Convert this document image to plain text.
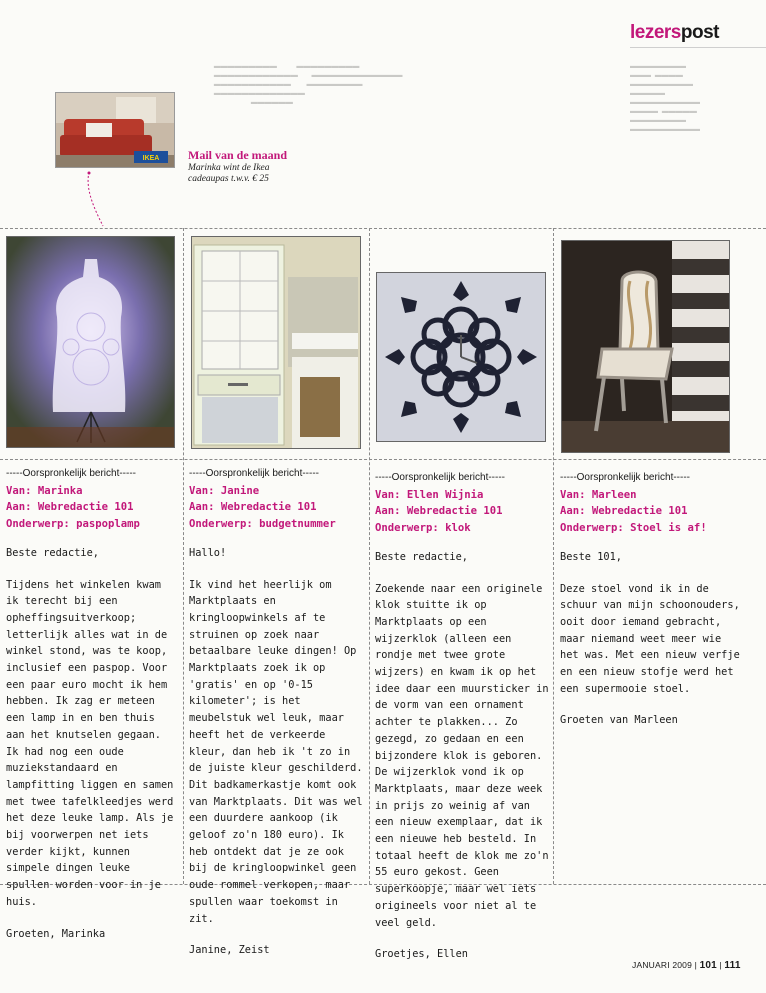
▬▬▬▬▬▬▬▬
▬▬▬  ▬▬▬▬
▬▬▬▬▬▬▬▬▬
▬▬▬▬▬
▬▬▬▬▬▬▬▬▬▬
▬▬▬▬  ▬▬▬▬▬
▬▬▬▬▬▬▬▬
▬▬▬▬▬▬▬▬▬▬
▬▬▬▬▬▬▬▬▬          ▬▬▬▬▬▬▬▬▬
▬▬▬▬▬▬▬▬▬▬▬▬       ▬▬▬▬▬▬▬▬▬▬▬▬▬
▬▬▬▬▬▬▬▬▬▬▬        ▬▬▬▬▬▬▬▬
▬▬▬▬▬▬▬▬▬▬▬▬▬
▬▬▬▬▬▬
lezerspost
IKEA Mail van de maand
Marinka wint de Ikea cadeaupas t.w.v. € 25
-----Oorspronkelijk bericht-----
Van: Marinka
Aan: Webredactie 101
Onderwerp: paspoplamp

Beste redactie,

Tijdens het winkelen kwam ik terecht bij een opheffingsuitverkoop; letterlijk alles wat in de winkel stond, was te koop, inclusief een paspop. Voor een paar euro mocht ik hem hebben. Ik zag er meteen een lamp in en ben thuis aan het knutselen gegaan. Ik had nog een oude muziekstandaard en lampfitting liggen en samen met twee tafelkleedjes werd het deze leuke lamp. Als je bij voorwerpen net iets verder kijkt, kunnen simpele dingen leuke spullen worden voor in je huis.

Groeten, Marinka

-----Oorspronkelijk bericht-----
Van: Janine
Aan: Webredactie 101
Onderwerp: budgetnummer

Hallo!

Ik vind het heerlijk om Marktplaats en kringloopwinkels af te struinen op zoek naar betaalbare leuke dingen! Op Marktplaats zoek ik op 'gratis' en op '0-15 kilometer'; is het meubelstuk wel leuk, maar heeft het de verkeerde kleur, dan heb ik 't zo in de juiste kleur geschilderd. Dit badkamerkastje komt ook van Marktplaats. Dit was wel een duurdere aankoop (ik geloof zo'n 180 euro). Ik heb ontdekt dat je ze ook bij de kringloopwinkel geen oude rommel verkopen, maar spullen waar toekomst in zit.

Janine, Zeist

-----Oorspronkelijk bericht-----
Van: Ellen Wijnia
Aan: Webredactie 101
Onderwerp: klok

Beste redactie,

Zoekende naar een originele klok stuitte ik op Marktplaats op een wijzerklok (alleen een rondje met twee grote wijzers) en kwam ik op het idee daar een muursticker in de vorm van een ornament achter te plakken... Zo gezegd, zo gedaan en een bijzondere klok is geboren. De wijzerklok vond ik op Marktplaats, maar deze week in prijs zo weinig af van een nieuw exemplaar, dat ik een nieuwe heb besteld. In totaal heeft de klok me zo'n 55 euro gekost. Geen superkoopje, maar wel iets origineels voor niet al te veel geld.

Groetjes, Ellen

-----Oorspronkelijk bericht-----
Van: Marleen
Aan: Webredactie 101
Onderwerp: Stoel is af!

Beste 101,

Deze stoel vond ik in de schuur van mijn schoonouders, ooit door iemand gebracht, maar niemand weet meer wie het was. Met een nieuw verfje en een nieuw stofje werd het een supermooie stoel.

Groeten van Marleen

JANUARI 2009 | 101 | 111
